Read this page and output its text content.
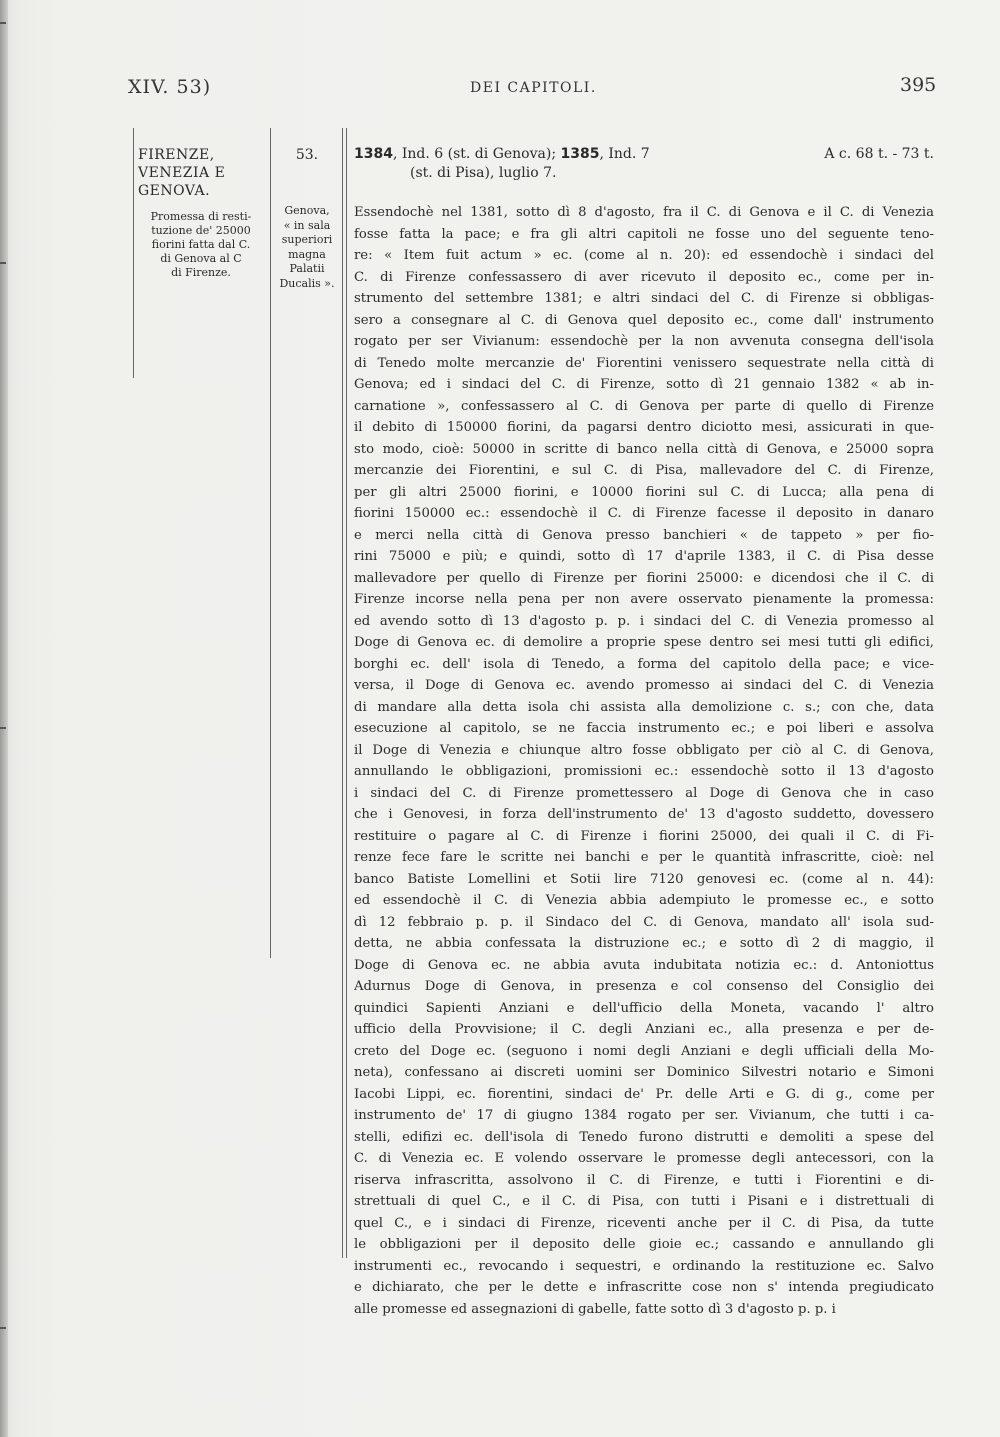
XIV. 53)	DEI CAPITOLI.	395
FIRENZE,
VENEZIA E
GENOVA.
Promessa di resti-
tuzione de' 25000
fiorini fatta dal C.
di Genova al C
di Firenze.
53.
Genova,
« in sala
superiori
magna
Palatii
Ducalis ».
1384, Ind. 6 (st. di Genova); 1385, Ind. 7
(st. di Pisa), luglio 7.
A c. 68 t. - 73 t.
Essendochè nel 1381, sotto dì 8 d'agosto, fra il C. di Genova e il C. di Venezia
fosse fatta la pace; e fra gli altri capitoli ne fosse uno del seguente teno-
re: « Item fuit actum » ec. (come al n. 20): ed essendochè i sindaci del
C. di Firenze confessassero di aver ricevuto il deposito ec., come per in-
strumento del settembre 1381; e altri sindaci del C. di Firenze si obbligas-
sero a consegnare al C. di Genova quel deposito ec., come dall' instrumento
rogato per ser Vivianum: essendochè per la non avvenuta consegna dell'isola
di Tenedo molte mercanzie de' Fiorentini venissero sequestrate nella città di
Genova; ed i sindaci del C. di Firenze, sotto dì 21 gennaio 1382 « ab in-
carnatione », confessassero al C. di Genova per parte di quello di Firenze
il debito di 150000 fiorini, da pagarsi dentro diciotto mesi, assicurati in que-
sto modo, cioè: 50000 in scritte di banco nella città di Genova, e 25000 sopra
mercanzie dei Fiorentini, e sul C. di Pisa, mallevadore del C. di Firenze,
per gli altri 25000 fiorini, e 10000 fiorini sul C. di Lucca; alla pena di
fiorini 150000 ec.: essendochè il C. di Firenze facesse il deposito in danaro
e merci nella città di Genova presso banchieri « de tappeto » per fio-
rini 75000 e più; e quindi, sotto dì 17 d'aprile 1383, il C. di Pisa desse
mallevadore per quello di Firenze per fiorini 25000: e dicendosi che il C. di
Firenze incorse nella pena per non avere osservato pienamente la promessa:
ed avendo sotto dì 13 d'agosto p. p. i sindaci del C. di Venezia promesso al
Doge di Genova ec. di demolire a proprie spese dentro sei mesi tutti gli edifici,
borghi ec. dell' isola di Tenedo, a forma del capitolo della pace; e vice-
versa, il Doge di Genova ec. avendo promesso ai sindaci del C. di Venezia
di mandare alla detta isola chi assista alla demolizione c. s.; con che, data
esecuzione al capitolo, se ne faccia instrumento ec.; e poi liberi e assolva
il Doge di Venezia e chiunque altro fosse obbligato per ciò al C. di Genova,
annullando le obbligazioni, promissioni ec.: essendochè sotto il 13 d'agosto
i sindaci del C. di Firenze promettessero al Doge di Genova che in caso
che i Genovesi, in forza dell'instrumento de' 13 d'agosto suddetto, dovessero
restituire o pagare al C. di Firenze i fiorini 25000, dei quali il C. di Fi-
renze fece fare le scritte nei banchi e per le quantità infrascritte, cioè: nel
banco Batiste Lomellini et Sotii lire 7120 genovesi ec. (come al n. 44):
ed essendochè il C. di Venezia abbia adempiuto le promesse ec., e sotto
dì 12 febbraio p. p. il Sindaco del C. di Genova, mandato all' isola sud-
detta, ne abbia confessata la distruzione ec.; e sotto dì 2 di maggio, il
Doge di Genova ec. ne abbia avuta indubitata notizia ec.: d. Antoniottus
Adurnus Doge di Genova, in presenza e col consenso del Consiglio dei
quindici Sapienti Anziani e dell'ufficio della Moneta, vacando l' altro
ufficio della Provvisione; il C. degli Anziani ec., alla presenza e per de-
creto del Doge ec. (seguono i nomi degli Anziani e degli ufficiali della Mo-
neta), confessano ai discreti uomini ser Dominico Silvestri notario e Simoni
Iacobi Lippi, ec. fiorentini, sindaci de' Pr. delle Arti e G. di g., come per
instrumento de' 17 di giugno 1384 rogato per ser. Vivianum, che tutti i ca-
stelli, edifizi ec. dell'isola di Tenedo furono distrutti e demoliti a spese del
C. di Venezia ec. E volendo osservare le promesse degli antecessori, con la
riserva infrascritta, assolvono il C. di Firenze, e tutti i Fiorentini e di-
strettuali di quel C., e il C. di Pisa, con tutti i Pisani e i distrettuali di
quel C., e i sindaci di Firenze, riceventi anche per il C. di Pisa, da tutte
le obbligazioni per il deposito delle gioie ec.; cassando e annullando gli
instrumenti ec., revocando i sequestri, e ordinando la restituzione ec. Salvo
e dichiarato, che per le dette e infrascritte cose non s' intenda pregiudicato
alle promesse ed assegnazioni di gabelle, fatte sotto dì 3 d'agosto p. p. i
